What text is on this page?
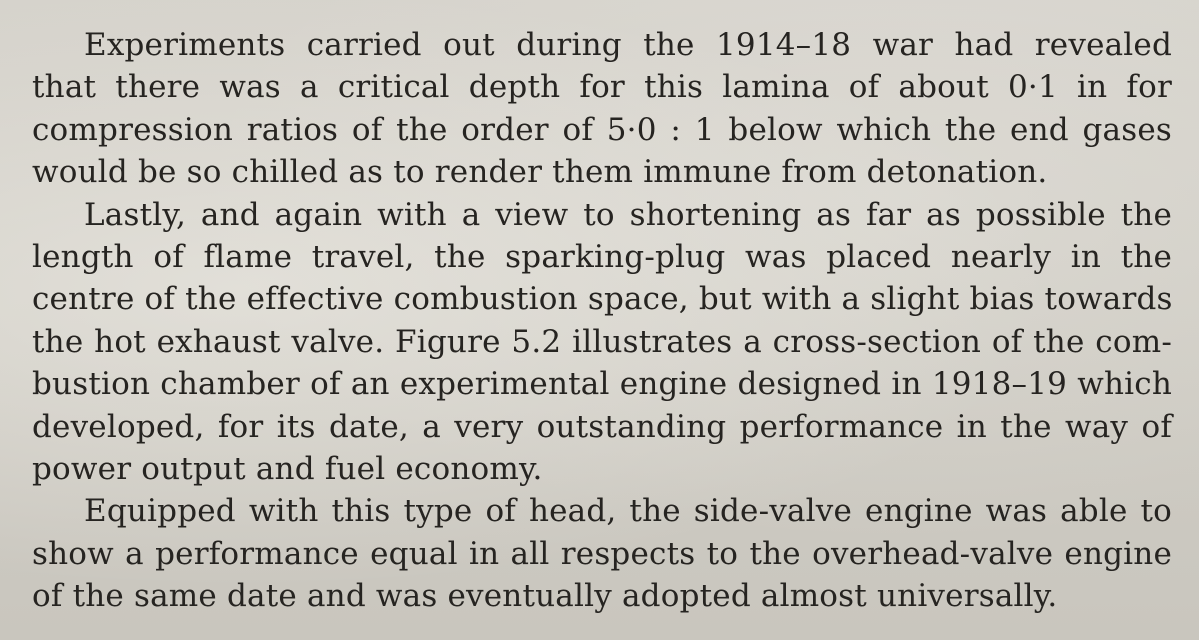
Experiments carried out during the 1914–18 war had revealed
that there was a critical depth for this lamina of about 0·1 in for
compression ratios of the order of 5·0 : 1 below which the end gases
would be so chilled as to render them immune from detonation.
Lastly, and again with a view to shortening as far as possible the
length of flame travel, the sparking-plug was placed nearly in the
centre of the effective combustion space, but with a slight bias towards
the hot exhaust valve. Figure 5.2 illustrates a cross-section of the com-
bustion chamber of an experimental engine designed in 1918–19 which
developed, for its date, a very outstanding performance in the way of
power output and fuel economy.
Equipped with this type of head, the side-valve engine was able to
show a performance equal in all respects to the overhead-valve engine
of the same date and was eventually adopted almost universally.
